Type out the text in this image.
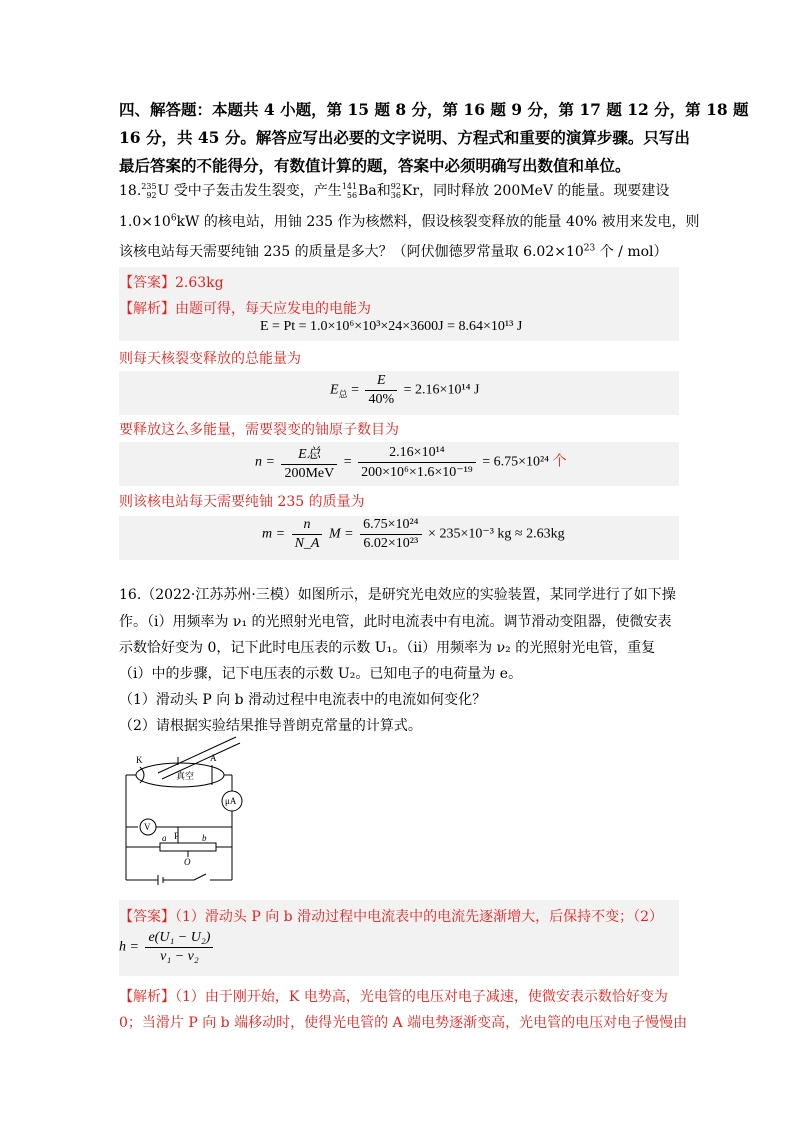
四、解答题：本题共 4 小题，第 15 题 8 分，第 16 题 9 分，第 17 题 12 分，第 18 题
16 分，共 45 分。解答应写出必要的文字说明、方程式和重要的演算步骤。只写出
最后答案的不能得分，有数值计算的题，答案中必须明确写出数值和单位。
18.235
92U 受中子轰击发生裂变，产生141
56Ba和92
36Kr，同时释放 200MeV 的能量。现要建设
$1.0\times 10^6kW$ 的核电站，用铀 235 作为核燃料，假设核裂变释放的能量 40% 被用来发电，则
该核电站每天需要纯铀 235 的质量是多大？（阿伏伽德罗常量取 $6.02\times 10^{23}$ 个 / mol）
【答案】2.63kg
【解析】由题可得，每天应发电的电能为
E = Pt = 1.0×10⁶×10³×24×3600J = 8.64×10¹³ J
则每天核裂变释放的总能量为
$E_总 = \frac{E}{40\%} = 2.16\times 10^{14}$ J
要释放这么多能量，需要裂变的铀原子数目为
$n = \frac{\text{E总}}{\text{200MeV}} = \frac{\text{2.16×10¹⁴}}{\text{200×10⁶×1.6×10⁻¹⁹}} = 6.75\times 10^{24}$ 个
则该核电站每天需要纯铀 235 的质量为
$m = \frac{n}{N\_A}$ $M = \frac{\text{6.75×10²⁴}}{\text{6.02×10²³}} \times 235\times 10^{-3}$ kg ≈ 2.63kg
16.（2022·江苏苏州·三模）如图所示，是研究光电效应的实验装置，某同学进行了如下操
作。（i）用频率为 ν₁ 的光照射光电管，此时电流表中有电流。调节滑动变阻器，使微安表
示数恰好变为 0，记下此时电压表的示数 U₁。（ii）用频率为 ν₂ 的光照射光电管，重复
（i）中的步骤，记下电压表的示数 U₂。已知电子的电荷量为 e。
（1）滑动头 P 向 b 滑动过程中电流表中的电流如何变化？
（2）请根据实验结果推导普朗克常量的计算式。
K	A
真空
μA
V
P
a	b
O
【答案】（1）滑动头 P 向 b 滑动过程中电流表中的电流先逐渐增大，后保持不变；（2）
$h = \frac{\text{e(U₁ − U₂)}}{\text{ν₁ − ν₂}}$
【解析】（1）由于刚开始，K 电势高，光电管的电压对电子减速，使微安表示数恰好变为
0；当滑片 P 向 b 端移动时，使得光电管的 A 端电势逐渐变高，光电管的电压对电子慢慢由
